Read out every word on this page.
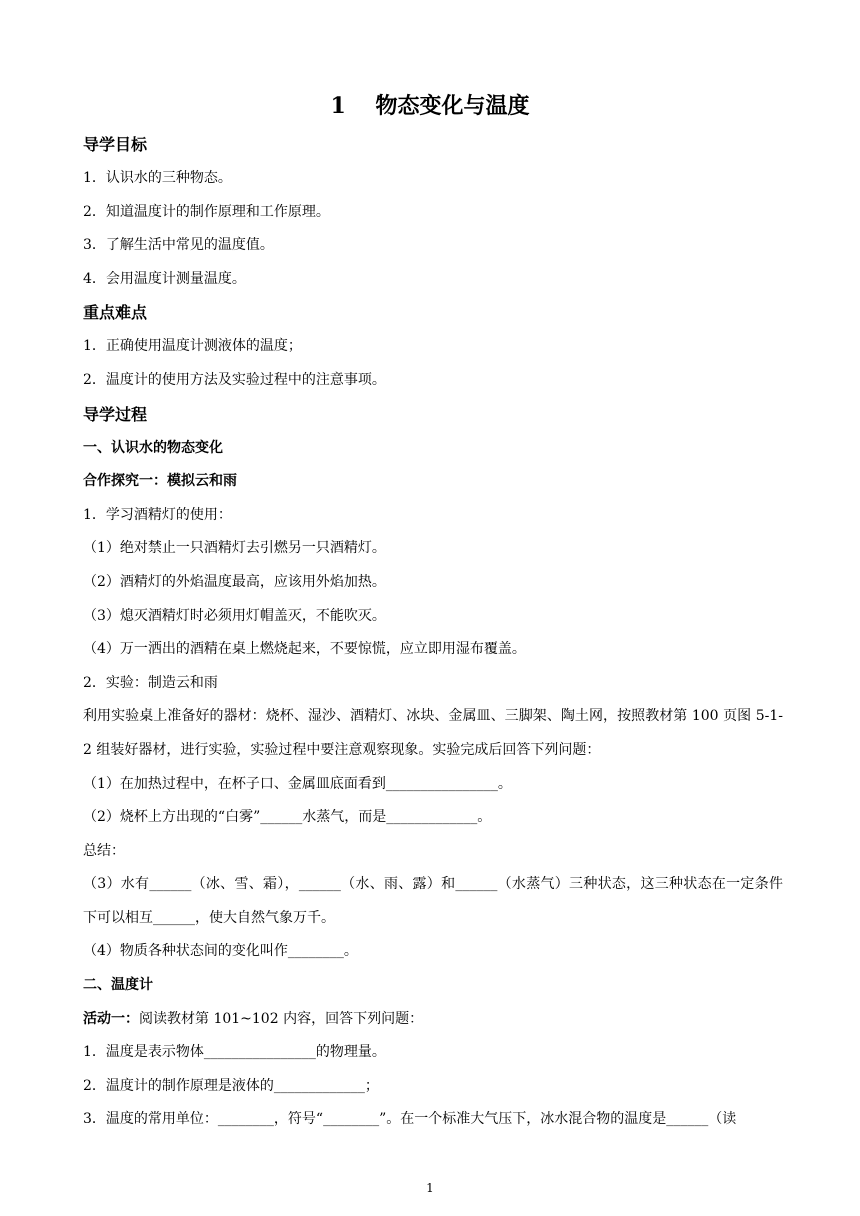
1　 物态变化与温度
导学目标
1．认识水的三种物态。
2．知道温度计的制作原理和工作原理。
3．了解生活中常见的温度值。
4．会用温度计测量温度。
重点难点
1．正确使用温度计测液体的温度；
2．温度计的使用方法及实验过程中的注意事项。
导学过程
一、认识水的物态变化
合作探究一：模拟云和雨
1．学习酒精灯的使用：
（1）绝对禁止一只酒精灯去引燃另一只酒精灯。
（2）酒精灯的外焰温度最高，应该用外焰加热。
（3）熄灭酒精灯时必须用灯帽盖灭，不能吹灭。
（4）万一洒出的酒精在桌上燃烧起来，不要惊慌，应立即用湿布覆盖。
2．实验：制造云和雨
利用实验桌上准备好的器材：烧杯、湿沙、酒精灯、冰块、金属皿、三脚架、陶土网，按照教材第 100 页图 5-1-2 组装好器材，进行实验，实验过程中要注意观察现象。实验完成后回答下列问题：
（1）在加热过程中，在杯子口、金属皿底面看到________________。
（2）烧杯上方出现的“白雾”______水蒸气，而是_____________。
总结：
（3）水有______（冰、雪、霜），______（水、雨、露）和______（水蒸气）三种状态，这三种状态在一定条件下可以相互______，使大自然气象万千。
（4）物质各种状态间的变化叫作________。
二、温度计
活动一：阅读教材第 101~102 内容，回答下列问题：
1．温度是表示物体________________的物理量。
2．温度计的制作原理是液体的_____________；
3．温度的常用单位：________，符号“________”。在一个标准大气压下，冰水混合物的温度是______（读
1
